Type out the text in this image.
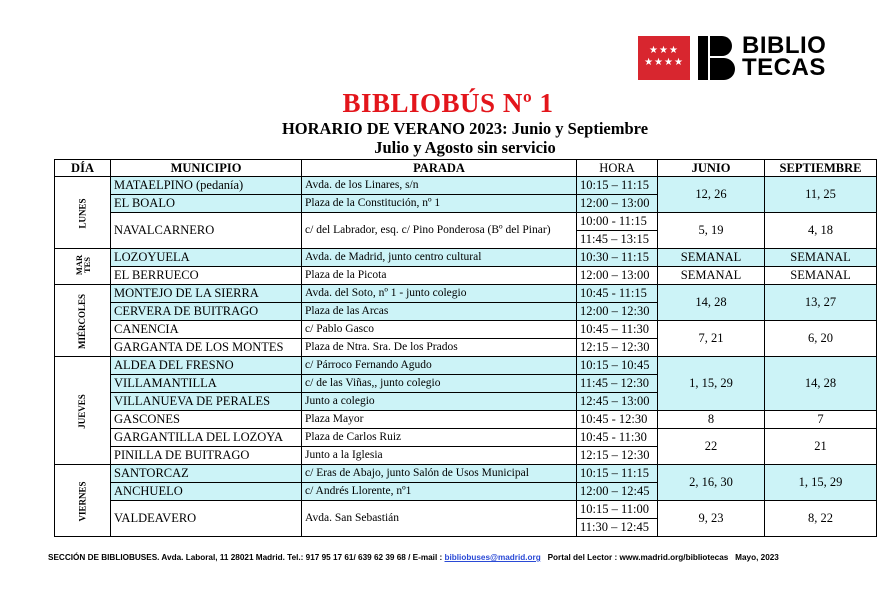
★★★
★★★★
BIBLIO
TECAS
BIBLIOBÚS Nº 1
HORARIO DE VERANO 2023: Junio y Septiembre
Julio y Agosto sin servicio
DÍA	MUNICIPIO	PARADA	HORA	JUNIO	SEPTIEMBRE
LUNES	MATAELPINO (pedanía)	Avda. de los Linares, s/n	10:15 – 11:15	12, 26	11, 25
	EL BOALO	Plaza de la Constitución, nº 1	12:00 – 13:00		
	NAVALCARNERO	c/ del Labrador, esq. c/ Pino Ponderosa (Bº del Pinar)	10:00 - 11:15	5, 19	4, 18
			11:45 – 13:15		
MAR TES	LOZOYUELA	Avda. de Madrid, junto centro cultural	10:30 – 11:15	SEMANAL	SEMANAL
	EL BERRUECO	Plaza de la Picota	12:00 – 13:00	SEMANAL	SEMANAL
MIÉRCOLES	MONTEJO DE LA SIERRA	Avda. del Soto, nº 1 - junto colegio	10:45 - 11:15	14, 28	13, 27
	CERVERA DE BUITRAGO	Plaza de las Arcas	12:00 – 12:30		
	CANENCIA	c/ Pablo Gasco	10:45 – 11:30	7, 21	6, 20
	GARGANTA DE LOS MONTES	Plaza de Ntra. Sra. De los Prados	12:15 – 12:30		
JUEVES	ALDEA DEL FRESNO	c/ Párroco Fernando Agudo	10:15 – 10:45	1, 15, 29	14, 28
	VILLAMANTILLA	c/ de las Viñas,, junto colegio	11:45 – 12:30		
	VILLANUEVA DE PERALES	Junto a colegio	12:45 – 13:00		
	GASCONES	Plaza Mayor	10:45 - 12:30	8	7
	GARGANTILLA DEL LOZOYA	Plaza de Carlos Ruiz	10:45 - 11:30	22	21
	PINILLA DE BUITRAGO	Junto a la Iglesia	12:15 – 12:30		
VIERNES	SANTORCAZ	c/ Eras de Abajo, junto Salón de Usos Municipal	10:15 – 11:15	2, 16, 30	1, 15, 29
	ANCHUELO	c/ Andrés Llorente, nº1	12:00 – 12:45		
	VALDEAVERO	Avda. San Sebastián	10:15 – 11:00	9, 23	8, 22
			11:30 – 12:45		
SECCIÓN DE BIBLIOBUSES. Avda. Laboral, 11 28021 Madrid. Tel.: 917 95 17 61/ 639 62 39 68 / E-mail : bibliobuses@madrid.org   Portal del Lector : www.madrid.org/bibliotecas   Mayo, 2023
